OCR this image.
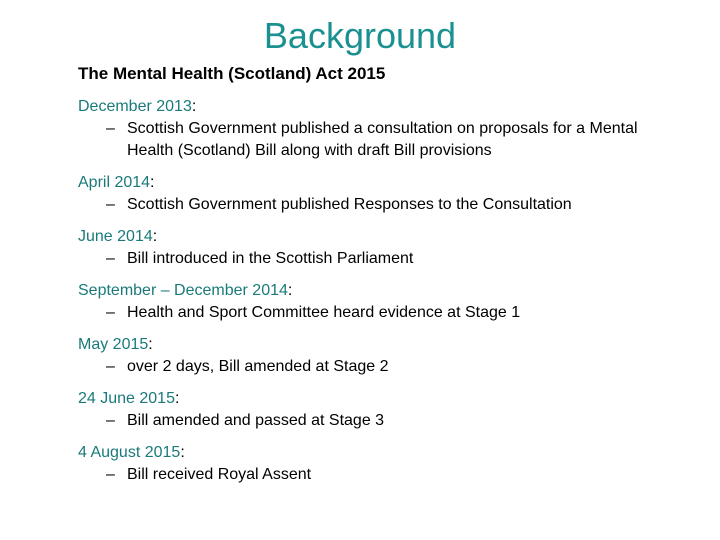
Background

The Mental Health (Scotland) Act 2015

December 2013:
– Scottish Government published a consultation on proposals for a Mental Health (Scotland) Bill along with draft Bill provisions
April 2014:
– Scottish Government published Responses to the Consultation
June 2014:
– Bill introduced in the Scottish Parliament
September – December 2014:
– Health and Sport Committee heard evidence at Stage 1
May 2015:
– over 2 days, Bill amended at Stage 2
24 June 2015:
– Bill amended and passed at Stage 3
4 August 2015:
– Bill received Royal Assent
